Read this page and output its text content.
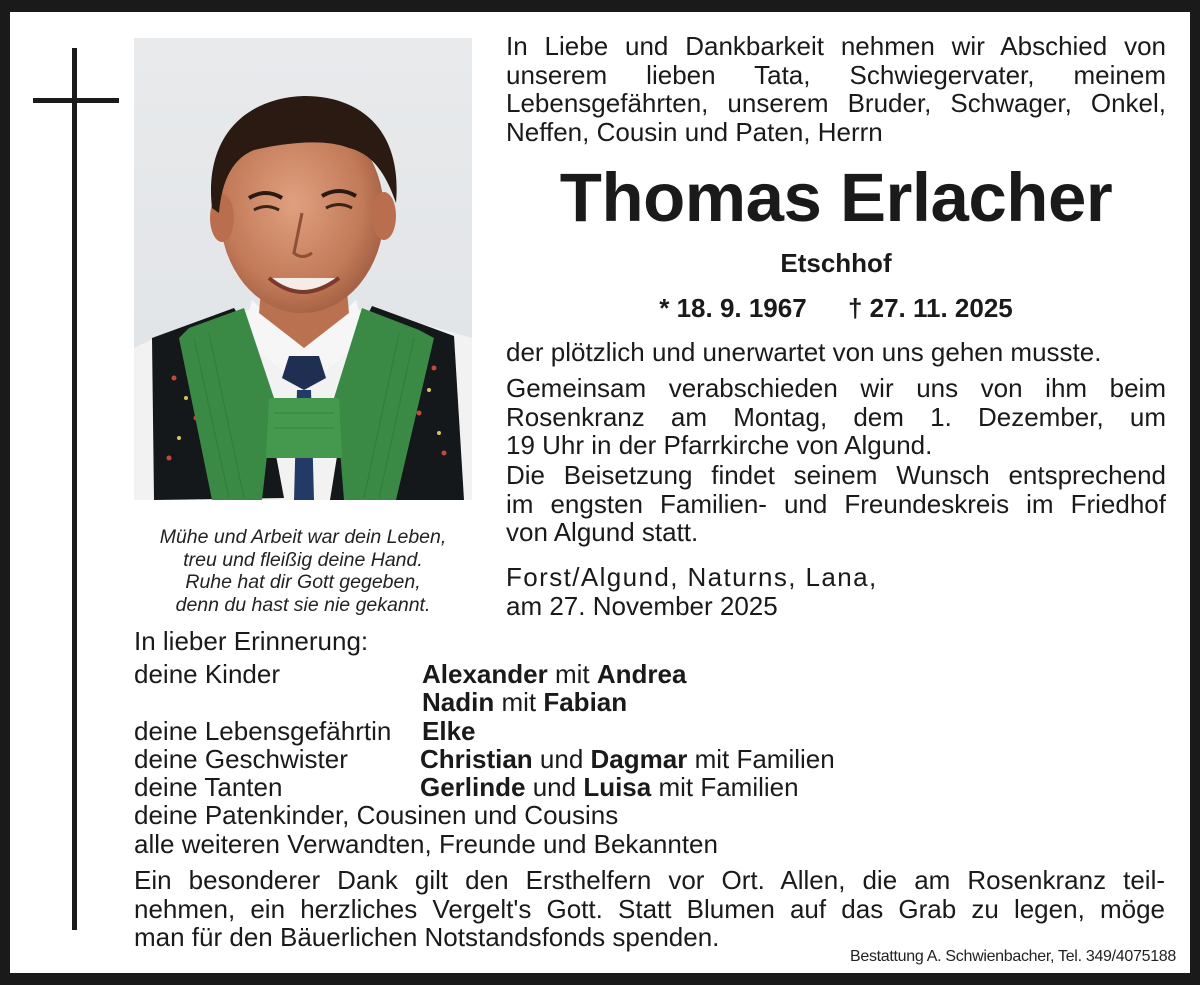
Mühe und Arbeit war dein Leben,
treu und fleißig deine Hand.
Ruhe hat dir Gott gegeben,
denn du hast sie nie gekannt.
In Liebe und Dankbarkeit nehmen wir Abschied von
unserem lieben Tata, Schwiegervater, meinem
Lebensgefährten, unserem Bruder, Schwager, Onkel,
Neffen, Cousin und Paten, Herrn
Thomas Erlacher
Etschhof
* 18. 9. 1967 † 27. 11. 2025
der plötzlich und unerwartet von uns gehen musste.
Gemeinsam verabschieden wir uns von ihm beim
Rosenkranz am Montag, dem 1. Dezember, um
19 Uhr in der Pfarrkirche von Algund.
Die Beisetzung findet seinem Wunsch entsprechend
im engsten Familien- und Freundeskreis im Friedhof
von Algund statt.
Forst/Algund, Naturns, Lana,
am 27. November 2025
In lieber Erinnerung:
deine Kinder	Alexander mit Andrea
Nadin mit Fabian
deine Lebensgefährtin Elke
deine Geschwister	Christian und Dagmar mit Familien
deine Tanten	Gerlinde und Luisa mit Familien
deine Patenkinder, Cousinen und Cousins
alle weiteren Verwandten, Freunde und Bekannten
Ein besonderer Dank gilt den Ersthelfern vor Ort. Allen, die am Rosenkranz teil-
nehmen, ein herzliches Vergelt's Gott. Statt Blumen auf das Grab zu legen, möge
man für den Bäuerlichen Notstandsfonds spenden.
Bestattung A. Schwienbacher, Tel. 349/4075188
